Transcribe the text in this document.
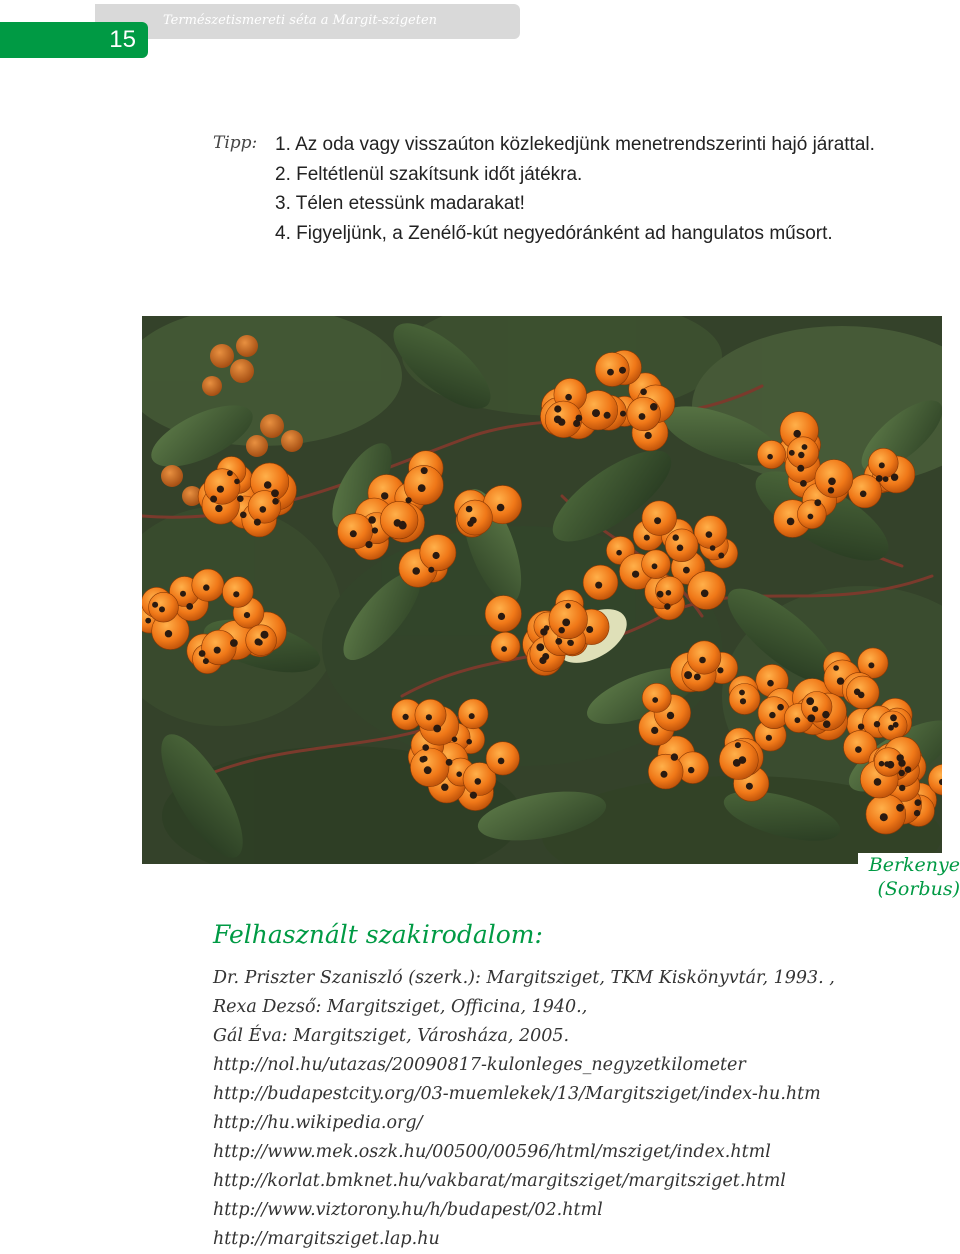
Természetismereti séta a Margit-szigeten
15
Tipp: 1. Az oda vagy visszaúton közlekedjünk menetrendszerinti hajó járattal.
2. Feltétlenül szakítsunk időt játékra.
3. Télen etessünk madarakat!
4. Figyeljünk, a Zenélő-kút negyedóránként ad hangulatos műsort.
Berkenye
(Sorbus)
Felhasznált szakirodalom:
Dr. Priszter Szaniszló (szerk.): Margitsziget, TKM Kiskönyvtár, 1993. ,
Rexa Dezső: Margitsziget, Officina, 1940.,
Gál Éva: Margitsziget, Városháza, 2005.
http://nol.hu/utazas/20090817-kulonleges_negyzetkilometer
http://budapestcity.org/03-muemlekek/13/Margitsziget/index-hu.htm
http://hu.wikipedia.org/
http://www.mek.oszk.hu/00500/00596/html/msziget/index.html
http://korlat.bmknet.hu/vakbarat/margitsziget/margitsziget.html
http://www.viztorony.hu/h/budapest/02.html
http://margitsziget.lap.hu
